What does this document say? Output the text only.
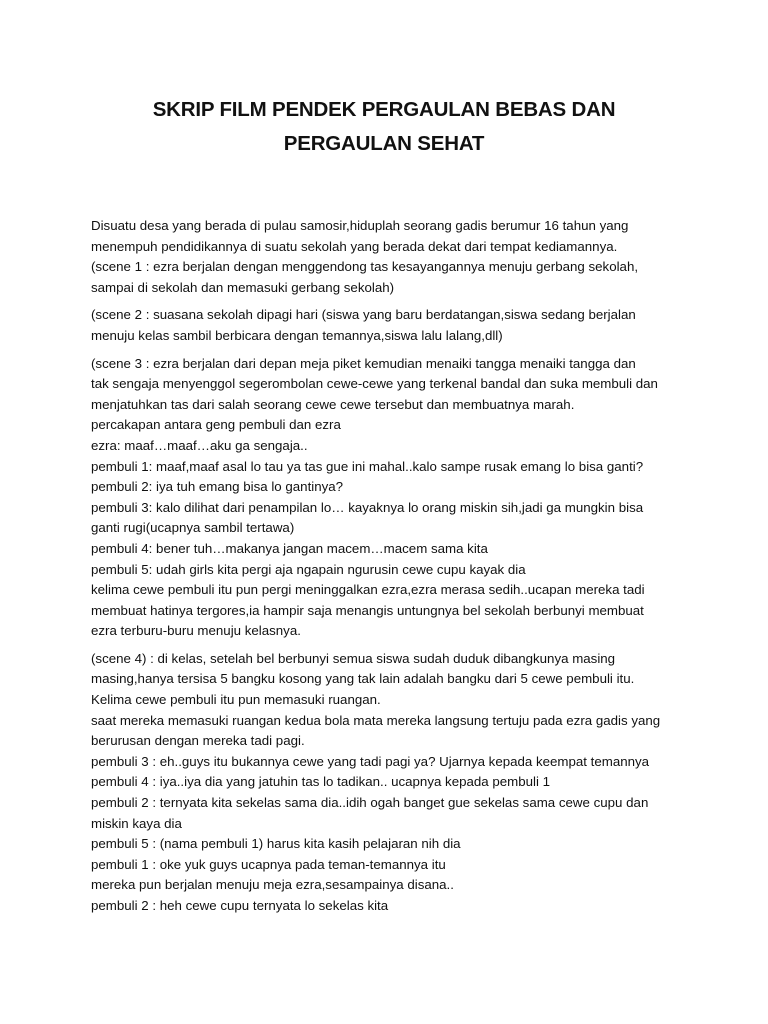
SKRIP FILM PENDEK PERGAULAN BEBAS DAN
PERGAULAN SEHAT
Disuatu desa yang berada di pulau samosir,hiduplah seorang gadis berumur 16 tahun yang
menempuh pendidikannya di suatu sekolah yang berada dekat dari tempat kediamannya.
(scene 1 : ezra berjalan dengan menggendong tas kesayangannya menuju gerbang sekolah,
sampai di sekolah dan memasuki gerbang sekolah)
(scene 2 : suasana sekolah dipagi hari (siswa yang baru berdatangan,siswa sedang berjalan
menuju kelas sambil berbicara dengan temannya,siswa lalu lalang,dll)
(scene 3 : ezra berjalan dari depan meja piket kemudian menaiki tangga menaiki tangga dan
tak sengaja menyenggol segerombolan cewe-cewe yang terkenal bandal dan suka membuli dan
menjatuhkan tas dari salah seorang cewe cewe tersebut dan membuatnya marah.
percakapan antara geng pembuli dan ezra
ezra: maaf…maaf…aku ga sengaja..
pembuli 1: maaf,maaf asal lo tau ya tas gue ini mahal..kalo sampe rusak emang lo bisa ganti?
pembuli 2: iya tuh emang bisa lo gantinya?
pembuli 3: kalo dilihat dari penampilan lo… kayaknya lo orang miskin sih,jadi ga mungkin bisa
ganti rugi(ucapnya sambil tertawa)
pembuli 4: bener tuh…makanya jangan macem…macem sama kita
pembuli 5: udah girls kita pergi aja ngapain ngurusin cewe cupu kayak dia
kelima cewe pembuli itu pun pergi meninggalkan ezra,ezra merasa sedih..ucapan mereka tadi
membuat hatinya tergores,ia hampir saja menangis untungnya bel sekolah berbunyi membuat
ezra terburu-buru menuju kelasnya.
(scene 4) : di kelas, setelah bel berbunyi semua siswa sudah duduk dibangkunya masing
masing,hanya tersisa 5 bangku kosong yang tak lain adalah bangku dari 5 cewe pembuli itu.
Kelima cewe pembuli itu pun memasuki ruangan.
saat mereka memasuki ruangan kedua bola mata mereka langsung tertuju pada ezra gadis yang
berurusan dengan mereka tadi pagi.
pembuli 3 : eh..guys itu bukannya cewe yang tadi pagi ya? Ujarnya kepada keempat temannya
pembuli 4 : iya..iya dia yang jatuhin tas lo tadikan.. ucapnya kepada pembuli 1
pembuli 2 : ternyata kita sekelas sama dia..idih ogah banget gue sekelas sama cewe cupu dan
miskin kaya dia
pembuli 5 : (nama pembuli 1) harus kita kasih pelajaran nih dia
pembuli 1 : oke yuk guys ucapnya pada teman-temannya itu
mereka pun berjalan menuju meja ezra,sesampainya disana..
pembuli 2 : heh cewe cupu ternyata lo sekelas kita
